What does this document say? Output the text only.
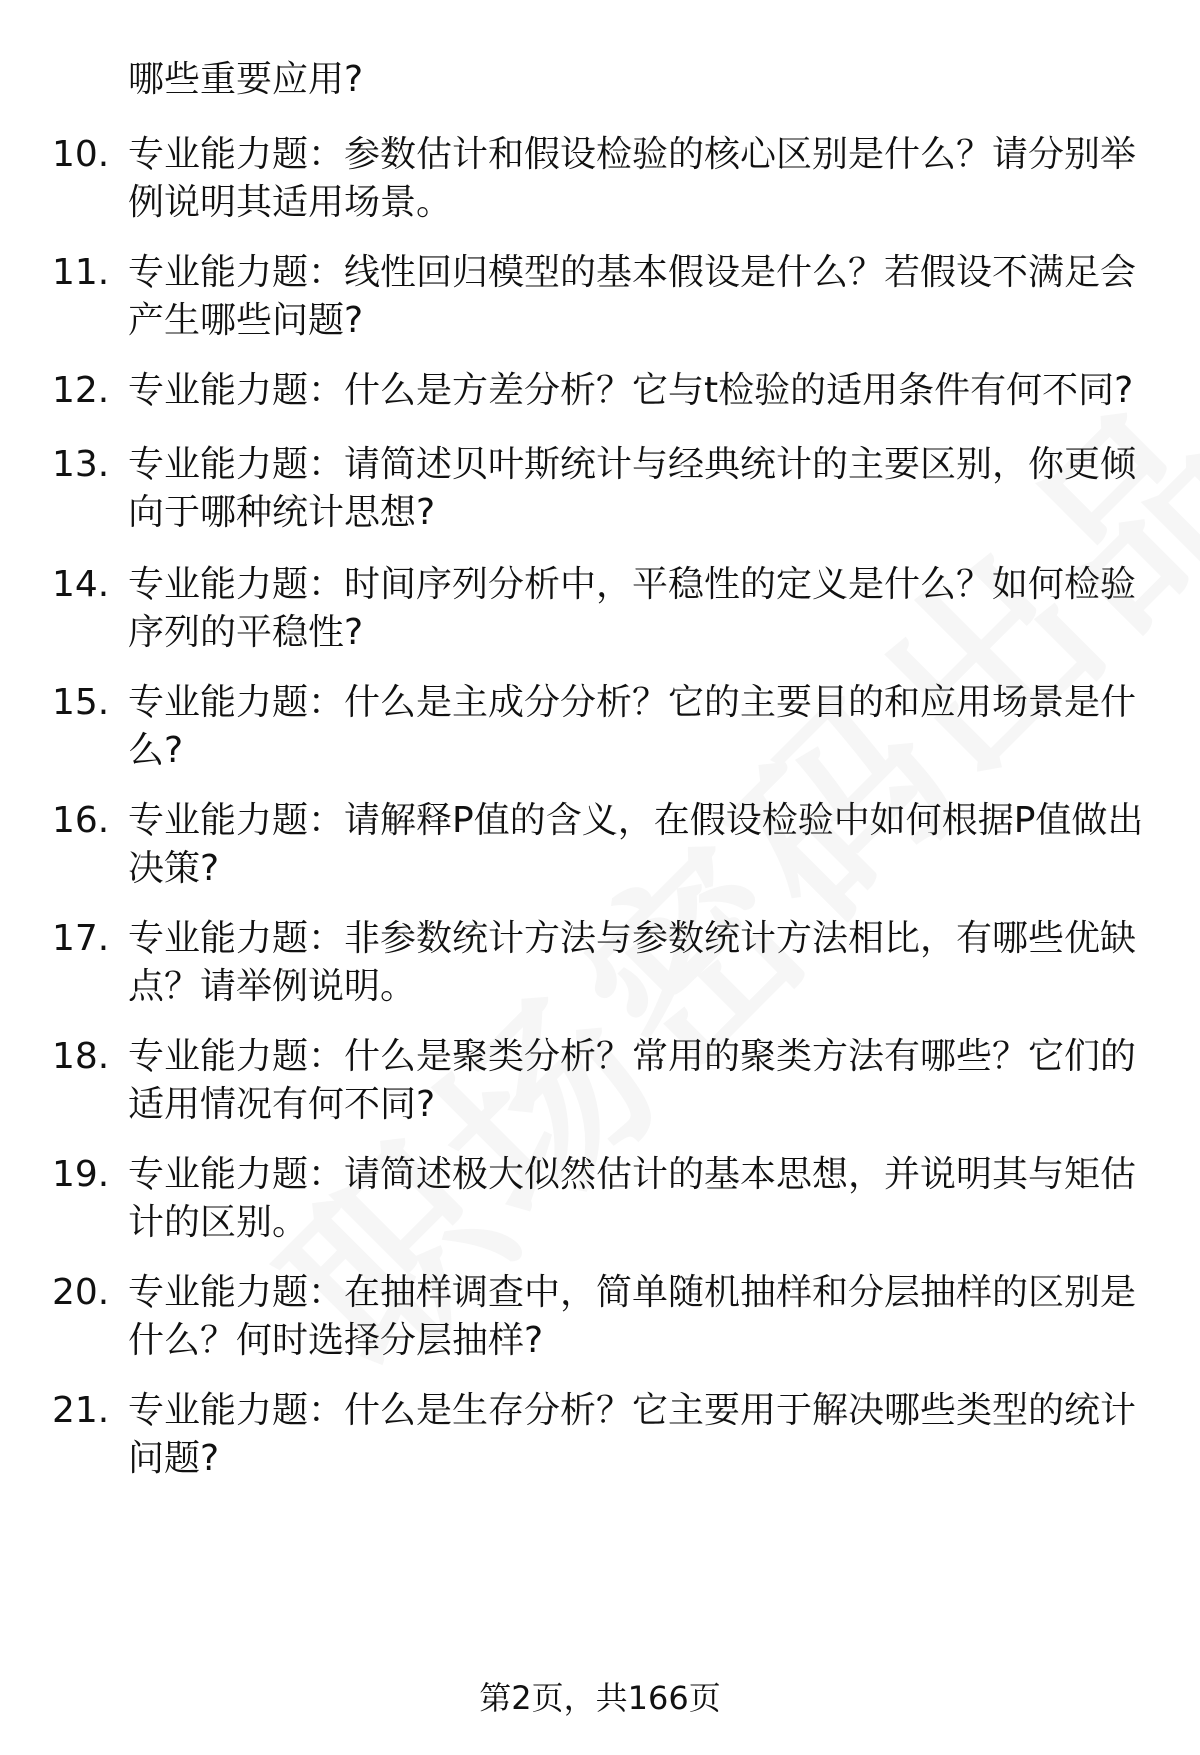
哪些重要应用?
10. 专业能力题：参数估计和假设检验的核心区别是什么？请分别举
例说明其适用场景。
11. 专业能力题：线性回归模型的基本假设是什么？若假设不满足会
产生哪些问题?
12. 专业能力题：什么是方差分析？它与t检验的适用条件有何不同?
13. 专业能力题：请简述贝叶斯统计与经典统计的主要区别，你更倾
向于哪种统计思想?
14. 专业能力题：时间序列分析中，平稳性的定义是什么？如何检验
序列的平稳性?
15. 专业能力题：什么是主成分分析？它的主要目的和应用场景是什
么?
16. 专业能力题：请解释P值的含义，在假设检验中如何根据P值做出
决策?
17. 专业能力题：非参数统计方法与参数统计方法相比，有哪些优缺
点？请举例说明。
18. 专业能力题：什么是聚类分析？常用的聚类方法有哪些？它们的
适用情况有何不同?
19. 专业能力题：请简述极大似然估计的基本思想，并说明其与矩估
计的区别。
20. 专业能力题：在抽样调查中，简单随机抽样和分层抽样的区别是
什么？何时选择分层抽样?
21. 专业能力题：什么是生存分析？它主要用于解决哪些类型的统计
问题?
第2页，共166页
